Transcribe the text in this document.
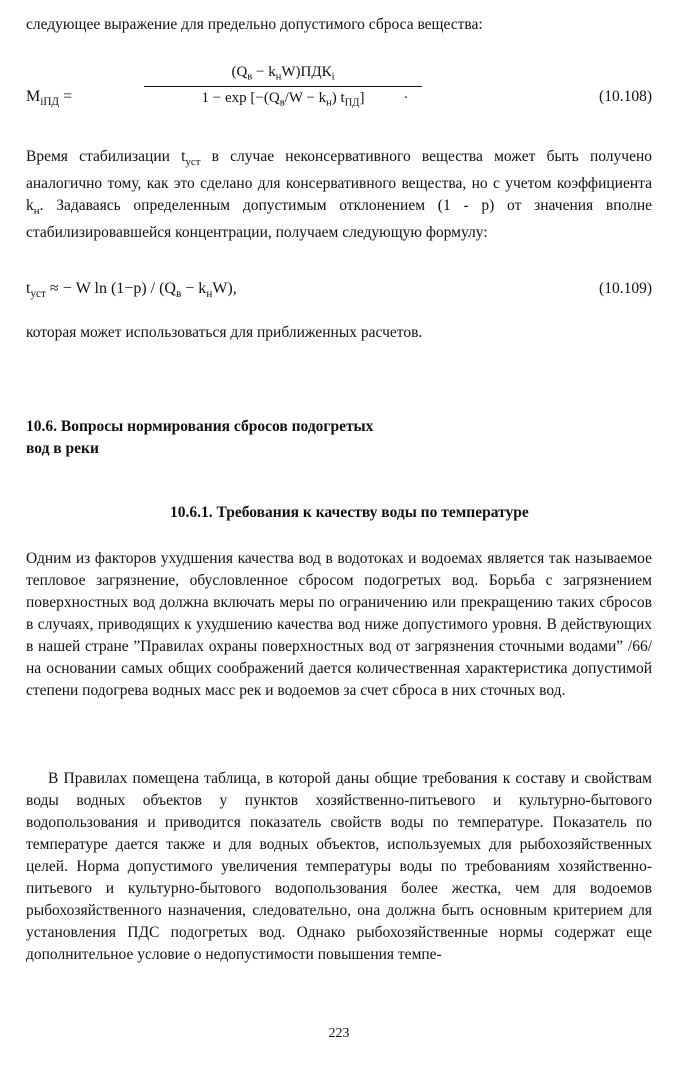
следующее выражение для предельно допустимого сброса вещества:

$M_{iПД}$ =
$(Q_в - k_нW)ПДК_i$
$1 - \exp [-(Q_в/W - k_н)$ $t_{ПД}$]	.	(10.108)

Время стабилизации $t_{уст}$ в случае неконсервативного вещества может быть получено аналогично тому, как это сделано для консервативного вещества, но с учетом коэффициента $k_н$. Задаваясь определенным допустимым отклонением (1 - p) от значения вполне стабилизировавшейся концентрации, получаем следующую формулу:

$t_{уст}$ ≈ − W $\ln (1-p) / (Q_в - k_нW)$,	(10.109)

которая может использоваться для приближенных расчетов.

10.6. Вопросы нормирования сбросов подогретых вод в реки
10.6.1. Требования к качеству воды по температуре

Одним из факторов ухудшения качества вод в водотоках и водоемах является так называемое тепловое загрязнение, обусловленное сбросом подогретых вод. Борьба с загрязнением поверхностных вод должна включать меры по ограничению или прекращению таких сбросов в случаях, приводящих к ухудшению качества вод ниже допустимого уровня. В действующих в нашей стране ”Правилах охраны поверхностных вод от загрязнения сточными водами” /66/ на основании самых общих соображений дается количественная характеристика допустимой степени подогрева водных масс рек и водоемов за счет сброса в них сточных вод.

В Правилах помещена таблица, в которой даны общие требования к составу и свойствам воды водных объектов у пунктов хозяйственно-питьевого и культурно-бытового водопользования и приводится показатель свойств воды по температуре. Показатель по температуре дается также и для водных объектов, используемых для рыбохозяйственных целей. Норма допустимого увеличения температуры воды по требованиям хозяйственно-питьевого и культурно-бытового водопользования более жестка, чем для водоемов рыбохозяйственного назначения, следовательно, она должна быть основным критерием для установления ПДС подогретых вод. Однако рыбохозяйственные нормы содержат еще дополнительное условие о недопустимости повышения темпе-

223
